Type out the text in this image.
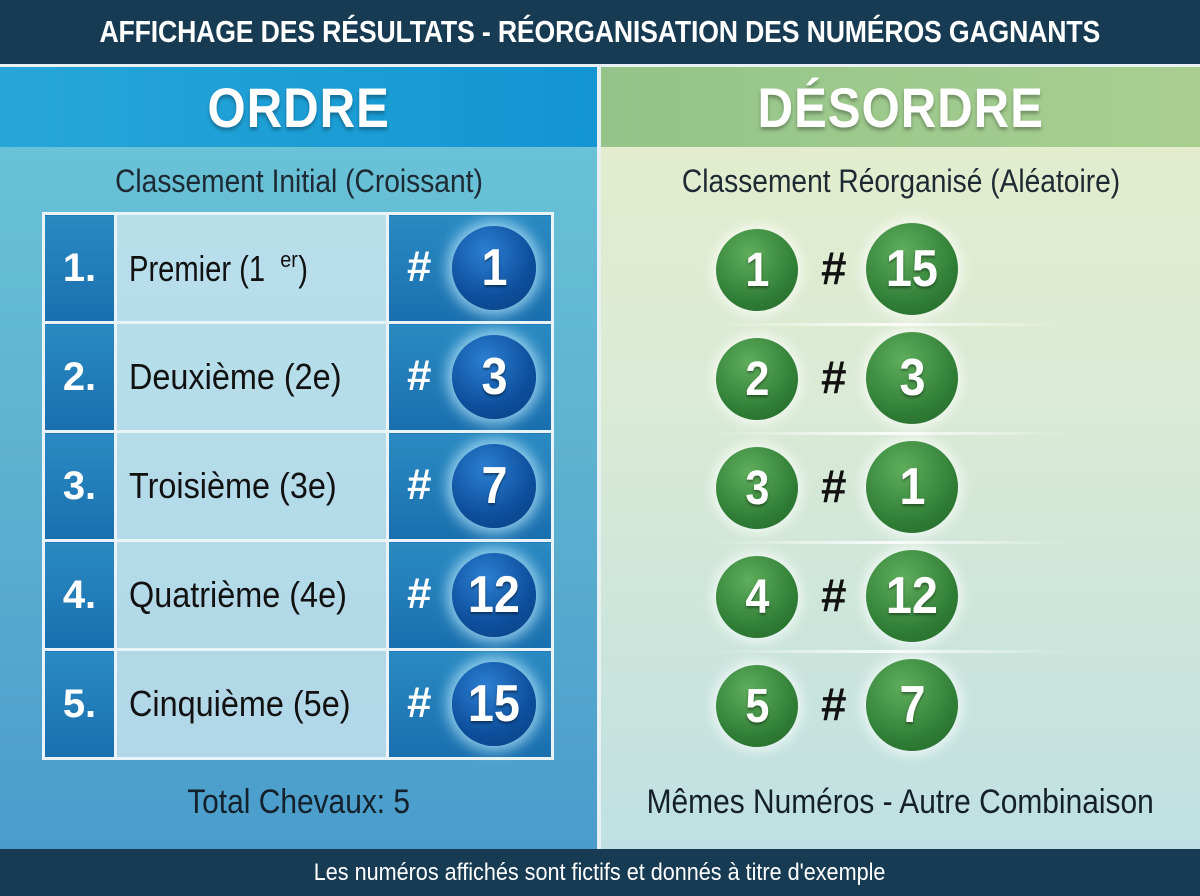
AFFICHAGE DES RÉSULTATS - RÉORGANISATION DES NUMÉROS GAGNANTS
ORDRE
Classement Initial (Croissant)
1.	Premier (1 $^{er}$)	# 1

2.	Deuxième (2e)	# 3

3.	Troisième (3e)	# 7

4.	Quatrième (4e)	# 12

5.	Cinquième (5e)	# 15
Total Chevaux: 5
DÉSORDRE
Classement Réorganisé (Aléatoire)
1 # 15
2 # 3
3 # 1
4 # 12
5 # 7
Mêmes Numéros - Autre Combinaison

Les numéros affichés sont fictifs et donnés à titre d'exemple
